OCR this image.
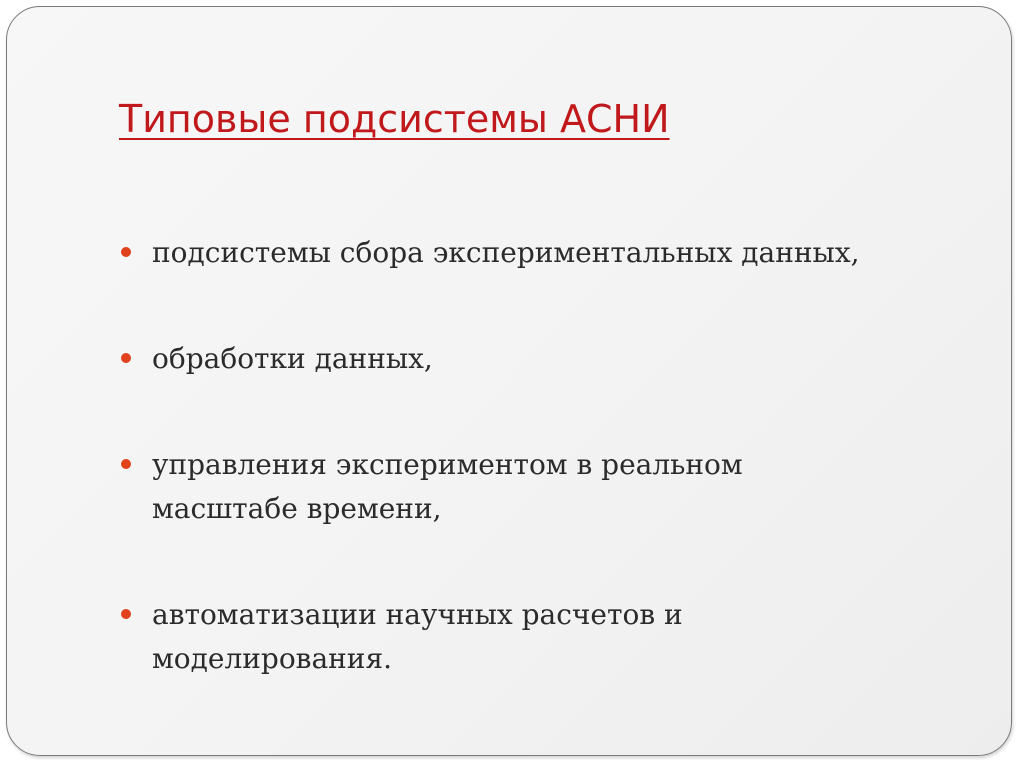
Типовые подсистемы АСНИ
подсистемы сбора экспериментальных данных,
обработки данных,
управления экспериментом в реальном
масштабе времени,
автоматизации научных расчетов и
моделирования.
